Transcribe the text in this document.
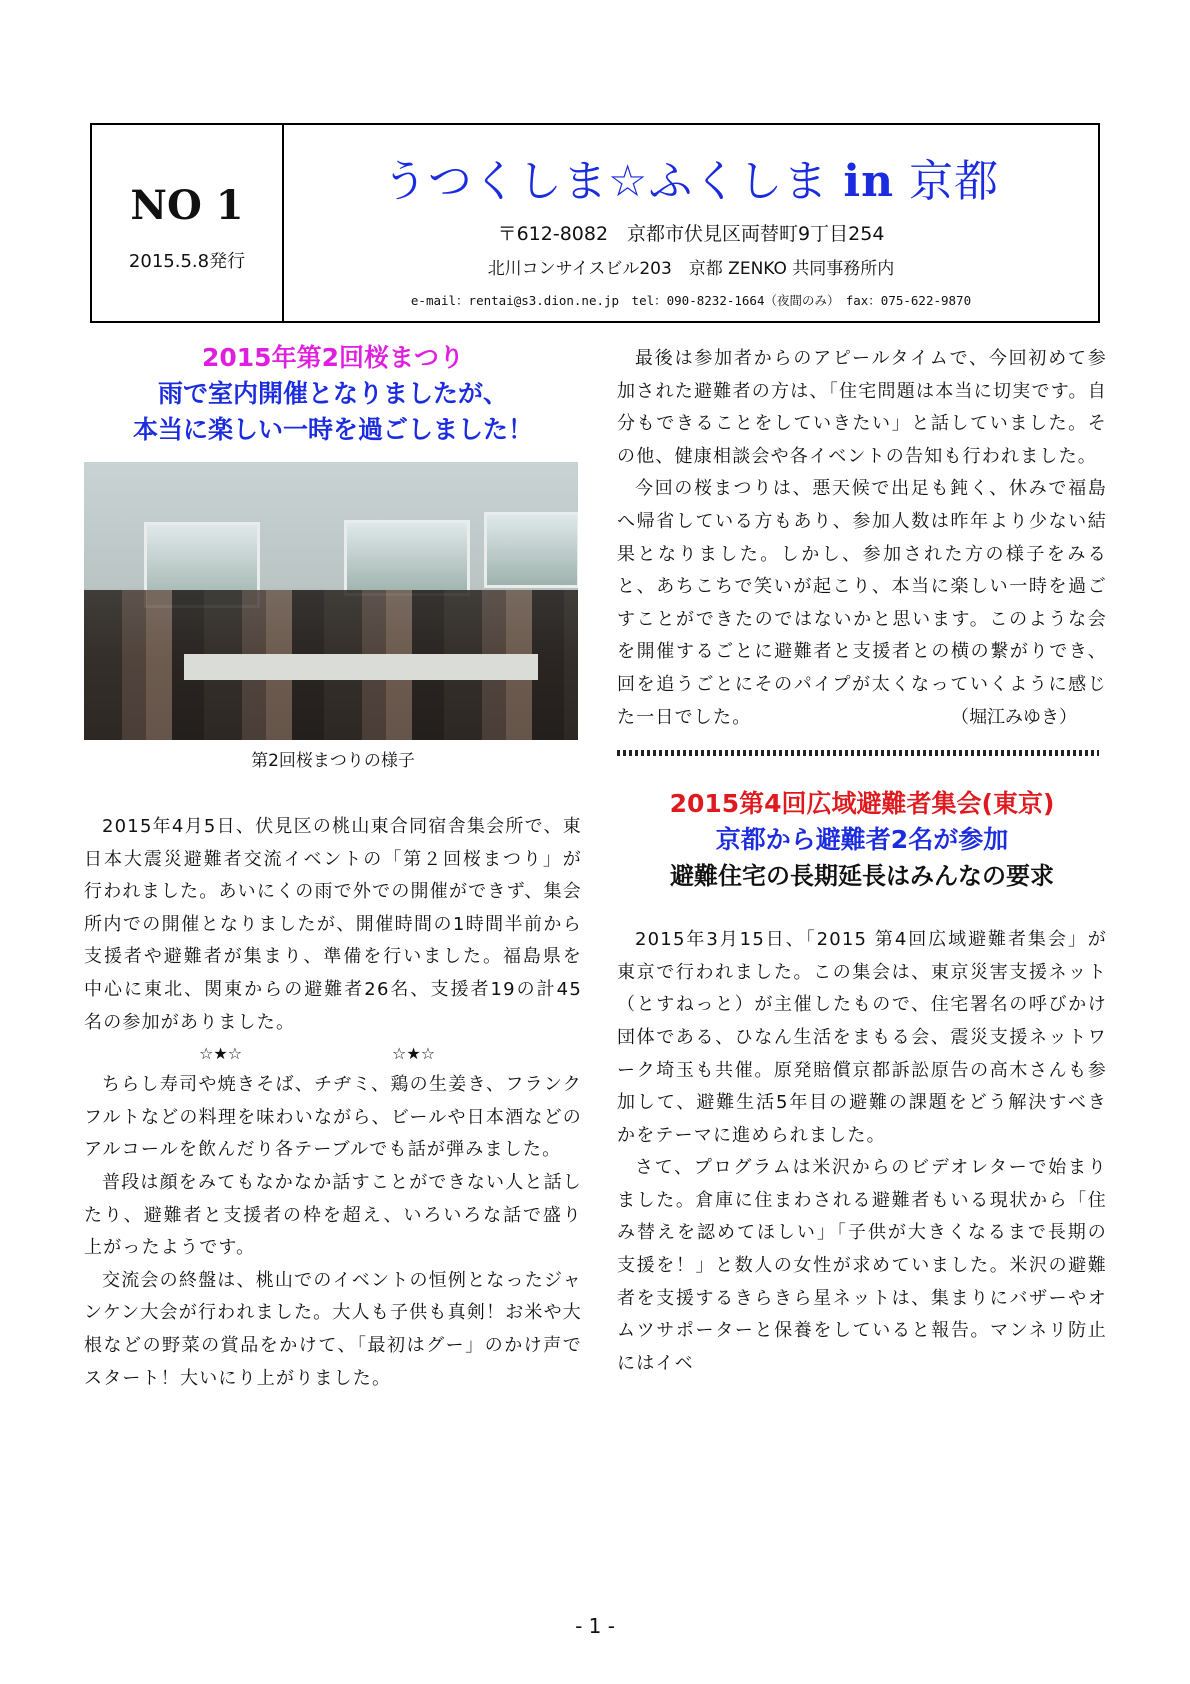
NO 1
2015.5.8発行
うつくしま☆ふくしま in 京都
〒612-8082　京都市伏見区両替町9丁目254
北川コンサイスビル203　京都 ZENKO 共同事務所内
e-mail：rentai@s3.dion.ne.jp　tel：090-8232-1664（夜間のみ）　fax：075-622-9870
2015年第2回桜まつり
雨で室内開催となりましたが、
本当に楽しい一時を過ごしました！
第2回桜まつりの様子

2015年4月5日、伏見区の桃山東合同宿舎集会所で、東日本大震災避難者交流イベントの「第２回桜まつり」が行われました。あいにくの雨で外での開催ができず、集会所内での開催となりましたが、開催時間の1時間半前から支援者や避難者が集まり、準備を行いました。福島県を中心に東北、関東からの避難者26名、支援者19の計45名の参加がありました。

☆★☆	☆★☆

ちらし寿司や焼きそば、チヂミ、鶏の生姜き、フランクフルトなどの料理を味わいながら、ビールや日本酒などのアルコールを飲んだり各テーブルでも話が弾みました。

普段は顔をみてもなかなか話すことができない人と話したり、避難者と支援者の枠を超え、いろいろな話で盛り上がったようです。

交流会の終盤は、桃山でのイベントの恒例となったジャンケン大会が行われました。大人も子供も真剣！お米や大根などの野菜の賞品をかけて、「最初はグー」のかけ声でスタート！大いにり上がりました。

最後は参加者からのアピールタイムで、今回初めて参加された避難者の方は、「住宅問題は本当に切実です。自分もできることをしていきたい」と話していました。その他、健康相談会や各イベントの告知も行われました。

今回の桜まつりは、悪天候で出足も鈍く、休みで福島へ帰省している方もあり、参加人数は昨年より少ない結果となりました。しかし、参加された方の様子をみると、あちこちで笑いが起こり、本当に楽しい一時を過ごすことができたのではないかと思います。このような会を開催するごとに避難者と支援者との横の繋がりでき、回を追うごとにそのパイプが太くなっていくように感じた一日でした。	（堀江みゆき）

2015第4回広域避難者集会(東京)
京都から避難者2名が参加
避難住宅の長期延長はみんなの要求

2015年3月15日、「2015 第4回広域避難者集会」が東京で行われました。この集会は、東京災害支援ネット（とすねっと）が主催したもので、住宅署名の呼びかけ団体である、ひなん生活をまもる会、震災支援ネットワーク埼玉も共催。原発賠償京都訴訟原告の高木さんも参加して、避難生活5年目の避難の課題をどう解決すべきかをテーマに進められました。

さて、プログラムは米沢からのビデオレターで始まりました。倉庫に住まわされる避難者もいる現状から「住み替えを認めてほしい」「子供が大きくなるまで長期の支援を！」と数人の女性が求めていました。米沢の避難者を支援するきらきら星ネットは、集まりにバザーやオムツサポーターと保養をしていると報告。マンネリ防止にはイベ

- 1 -
